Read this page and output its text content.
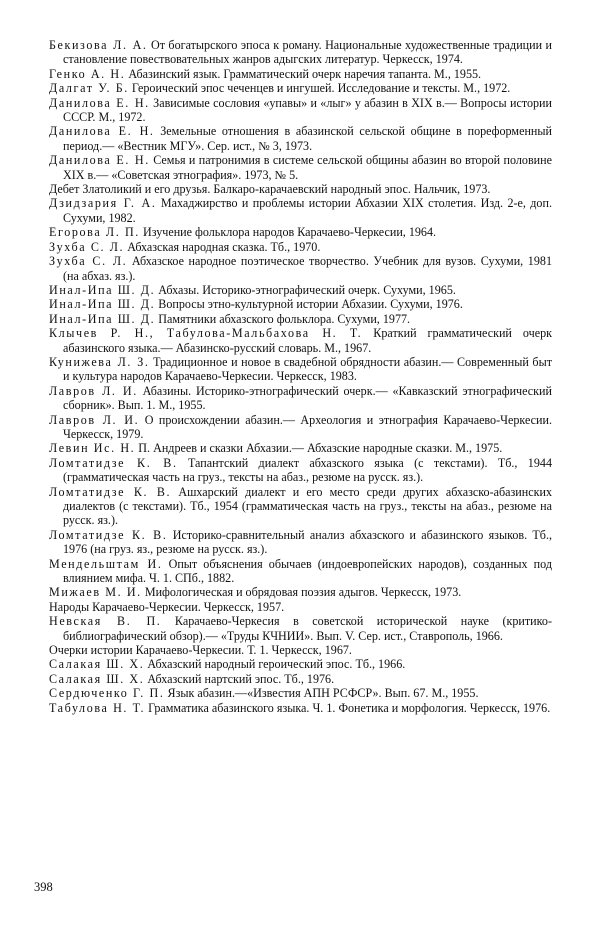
Бекизова Л. А. От богатырского эпоса к роману. Национальные художественные традиции и становление повествовательных жанров адыгских литератур. Черкесск, 1974.

Генко А. Н. Абазинский язык. Грамматический очерк наречия тапанта. М., 1955.

Далгат У. Б. Героический эпос чеченцев и ингушей. Исследование и тексты. М., 1972.

Данилова Е. Н. Зависимые сословия «упавы» и «лыг» у абазин в XIX в.— Вопросы истории СССР. М., 1972.

Данилова Е. Н. Земельные отношения в абазинской сельской общине в пореформенный период.— «Вестник МГУ». Сер. ист., № 3, 1973.

Данилова Е. Н. Семья и патронимия в системе сельской общины абазин во второй половине XIX в.— «Советская этнография». 1973, № 5.

Дебет Златоликий и его друзья. Балкаро-карачаевский народный эпос. Нальчик, 1973.

Дзидзария Г. А. Махаджирство и проблемы истории Абхазии XIX столетия. Изд. 2-е, доп. Сухуми, 1982.

Егорова Л. П. Изучение фольклора народов Карачаево-Черкесии, 1964.

Зухба С. Л. Абхазская народная сказка. Тб., 1970.

Зухба С. Л. Абхазское народное поэтическое творчество. Учебник для вузов. Сухуми, 1981 (на абхаз. яз.).

Инал-Ипа Ш. Д. Абхазы. Историко-этнографический очерк. Сухуми, 1965.

Инал-Ипа Ш. Д. Вопросы этно-культурной истории Абхазии. Сухуми, 1976.

Инал-Ипа Ш. Д. Памятники абхазского фольклора. Сухуми, 1977.

Клычев Р. Н., Табулова-Мальбахова Н. Т. Краткий грамматический очерк абазинского языка.— Абазинско-русский словарь. М., 1967.

Кунижева Л. З. Традиционное и новое в свадебной обрядности абазин.— Современный быт и культура народов Карачаево-Черкесии. Черкесск, 1983.

Лавров Л. И. Абазины. Историко-этнографический очерк.— «Кавказский этнографический сборник». Вып. 1. М., 1955.

Лавров Л. И. О происхождении абазин.— Археология и этнография Карачаево-Черкесии. Черкесск, 1979.

Левин Ис. Н. П. Андреев и сказки Абхазии.— Абхазские народные сказки. М., 1975.

Ломтатидзе К. В. Тапантский диалект абхазского языка (с текстами). Тб., 1944 (грамматическая часть на груз., тексты на абаз., резюме на русск. яз.).

Ломтатидзе К. В. Ашхарский диалект и его место среди других абхазско-абазинских диалектов (с текстами). Тб., 1954 (грамматическая часть на груз., тексты на абаз., резюме на русск. яз.).

Ломтатидзе К. В. Историко-сравнительный анализ абхазского и абазинского языков. Тб., 1976 (на груз. яз., резюме на русск. яз.).

Мендельштам И. Опыт объяснения обычаев (индоевропейских народов), созданных под влиянием мифа. Ч. 1. СПб., 1882.

Мижаев М. И. Мифологическая и обрядовая поэзия адыгов. Черкесск, 1973.

Народы Карачаево-Черкесии. Черкесск, 1957.

Невская В. П. Карачаево-Черкесия в советской исторической науке (критико-библиографический обзор).— «Труды КЧНИИ». Вып. V. Сер. ист., Ставрополь, 1966.

Очерки истории Карачаево-Черкесии. Т. 1. Черкесск, 1967.

Салакая Ш. Х. Абхазский народный героический эпос. Тб., 1966.

Салакая Ш. Х. Абхазский нартский эпос. Тб., 1976.

Сердюченко Г. П. Язык абазин.—«Известия АПН РСФСР». Вып. 67. М., 1955.

Табулова Н. Т. Грамматика абазинского языка. Ч. 1. Фонетика и морфология. Черкесск, 1976.

398
